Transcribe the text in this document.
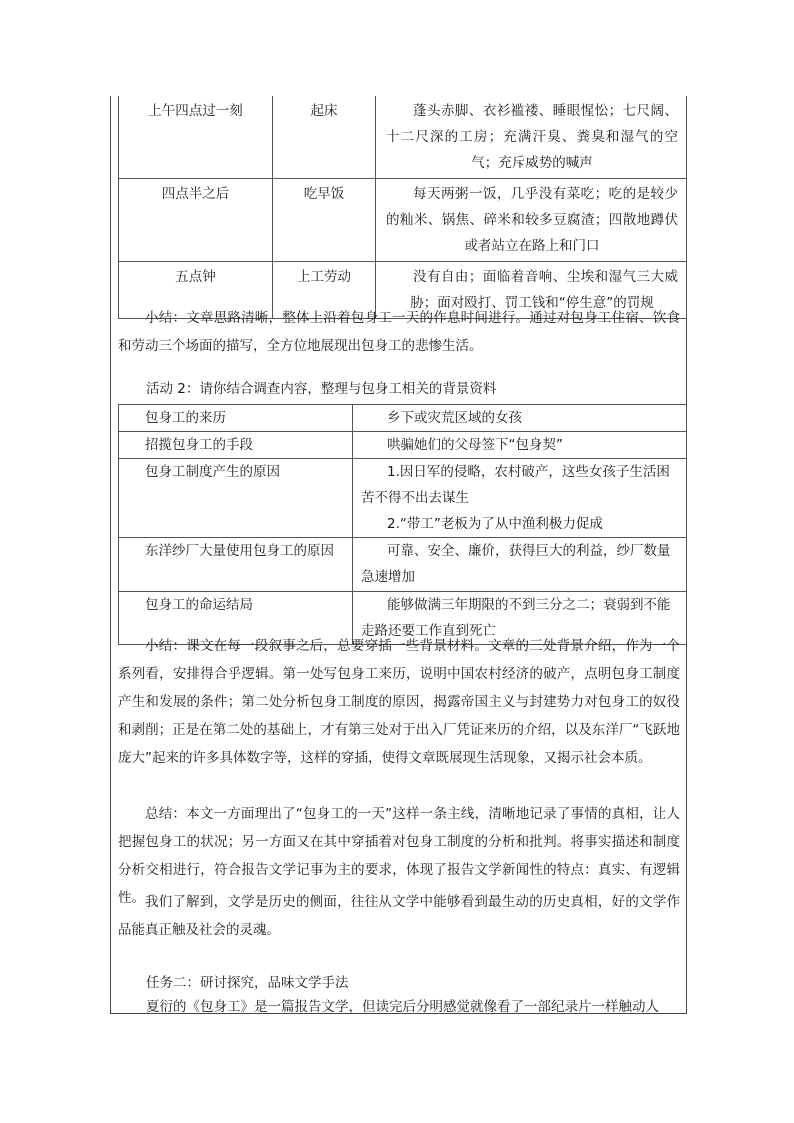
上午四点过一刻	起床	蓬头赤脚、衣衫褴褛、睡眼惺忪；七尺阔、十二尺深的工房；充满汗臭、粪臭和湿气的空气；充斥威势的喊声

四点半之后	吃早饭	每天两粥一饭，几乎没有菜吃；吃的是较少的籼米、锅焦、碎米和较多豆腐渣；四散地蹲伏或者站立在路上和门口

五点钟	上工劳动	没有自由；面临着音响、尘埃和湿气三大威胁；面对殴打、罚工钱和“停生意”的罚规

小结：文章思路清晰，整体上沿着包身工一天的作息时间进行。通过对包身工住宿、饮食和劳动三个场面的描写，全方位地展现出包身工的悲惨生活。

活动 2：请你结合调查内容，整理与包身工相关的背景资料

包身工的来历	乡下或灾荒区域的女孩

招揽包身工的手段	哄骗她们的父母签下“包身契”

包身工制度产生的原因	1.因日军的侵略，农村破产，这些女孩子生活困苦不得不出去谋生
2.“带工”老板为了从中渔利极力促成

东洋纱厂大量使用包身工的原因	可靠、安全、廉价，获得巨大的利益，纱厂数量急速增加

包身工的命运结局	能够做满三年期限的不到三分之二；衰弱到不能走路还要工作直到死亡

小结：课文在每一段叙事之后，总要穿插一些背景材料。文章的三处背景介绍，作为一个系列看，安排得合乎逻辑。第一处写包身工来历，说明中国农村经济的破产，点明包身工制度产生和发展的条件；第二处分析包身工制度的原因，揭露帝国主义与封建势力对包身工的奴役和剥削；正是在第二处的基础上，才有第三处对于出入厂凭证来历的介绍，以及东洋厂“飞跃地庞大”起来的许多具体数字等，这样的穿插，使得文章既展现生活现象，又揭示社会本质。

总结：本文一方面理出了“包身工的一天”这样一条主线，清晰地记录了事情的真相，让人把握包身工的状况；另一方面又在其中穿插着对包身工制度的分析和批判。将事实描述和制度分析交相进行，符合报告文学记事为主的要求，体现了报告文学新闻性的特点：真实、有逻辑性。 我们了解到，文学是历史的侧面，往往从文学中能够看到最生动的历史真相，好的文学作品能真正触及社会的灵魂。

任务二：研讨探究，品味文学手法

夏衍的《包身工》是一篇报告文学，但读完后分明感觉就像看了一部纪录片一样触动人
